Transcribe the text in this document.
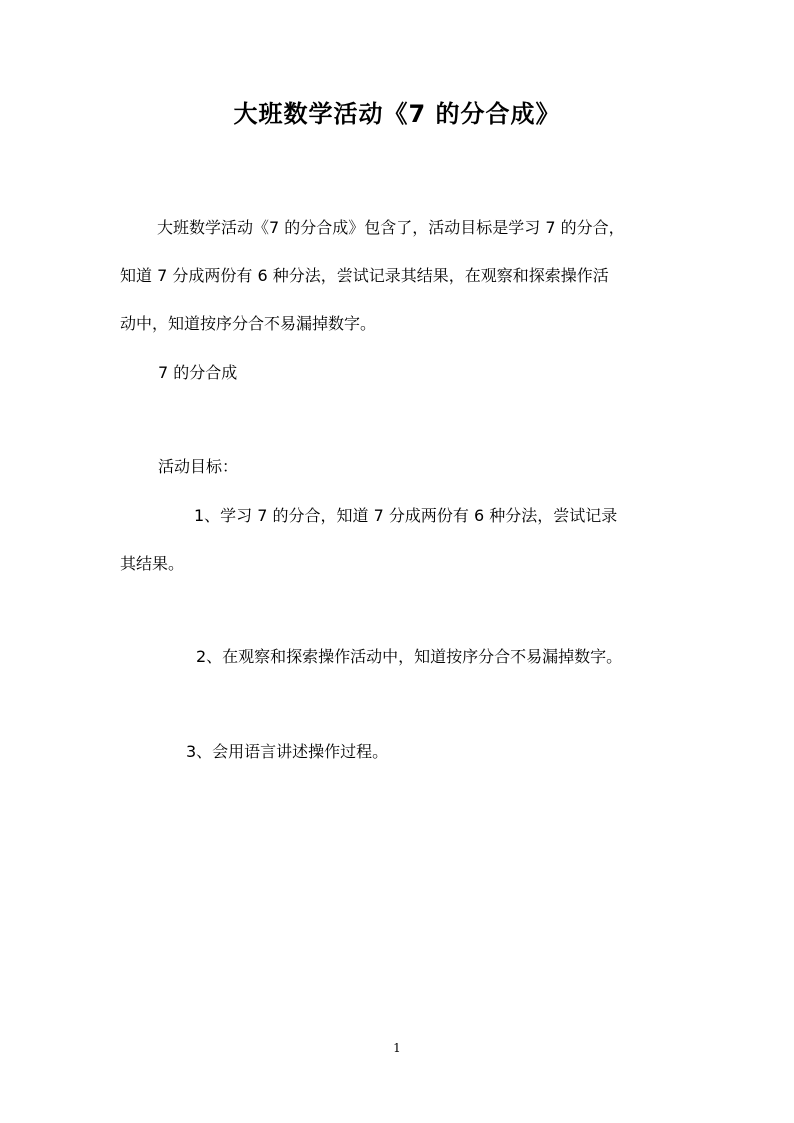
大班数学活动《7 的分合成》
大班数学活动《7 的分合成》包含了，活动目标是学习 7 的分合，
知道 7 分成两份有 6 种分法，尝试记录其结果，在观察和探索操作活
动中，知道按序分合不易漏掉数字。
7 的分合成
活动目标：
1、学习 7 的分合，知道 7 分成两份有 6 种分法，尝试记录
其结果。
2、在观察和探索操作活动中，知道按序分合不易漏掉数字。
3、会用语言讲述操作过程。
1
